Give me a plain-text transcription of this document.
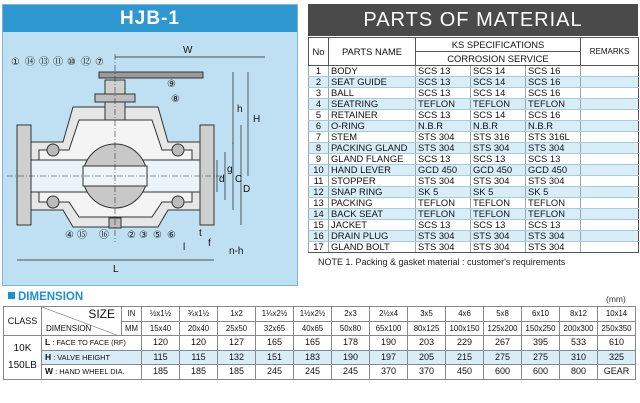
HJB-1
W
H
h
L
l
t
f
D
C
g
d
n-h
① ⑭ ⑬ ⑪ ⑩ ⑫ ⑦
⑨
⑧
④ ⑮ ⑯ ② ③ ⑤ ⑥
PARTS OF MATERIAL
No	PARTS NAME	KS SPECIFICATIONS			REMARKS
		CORROSION SERVICE			
1	BODY	SCS 13	SCS 14	SCS 16	
2	SEAT GUIDE	SCS 13	SCS 14	SCS 16	
3	BALL	SCS 13	SCS 14	SCS 16	
4	SEATRING	TEFLON	TEFLON	TEFLON	
5	RETAINER	SCS 13	SCS 14	SCS 16	
6	O-RING	N.B.R	N.B.R	N.B.R	
7	STEM	STS 304	STS 316	STS 316L	
8	PACKING GLAND	STS 304	STS 304	STS 304	
9	GLAND FLANGE	SCS 13	SCS 13	SCS 13	
10	HAND LEVER	GCD 450	GCD 450	GCD 450	
11	STOPPER	STS 304	STS 304	STS 304	
12	SNAP RING	SK 5	SK 5	SK 5	
13	PACKING	TEFLON	TEFLON	TEFLON	
14	BACK SEAT	TEFLON	TEFLON	TEFLON	
15	JACKET	SCS 13	SCS 13	SCS 13	
16	DRAIN PLUG	STS 304	STS 304	STS 304	
17	GLAND BOLT	STS 304	STS 304	STS 304	
NOTE 1. Packing & gasket material : customer's requirements
DIMENSION	(mm)
CLASS	SIZE
DIMENSION	IN	½x1½	¾x1½	1x2	1¼x2½	1½x2½	2x3	2½x4	3x5	4x6	5x8	6x10	8x12	10x14
		MM	15x40	20x40	25x50	32x65	40x65	50x80	65x100	80x125	100x150	125x200	150x250	200x300	250x350
10K
150LB	L : FACE TO FACE (RF)		120	120	127	165	165	178	190	203	229	267	395	533	610
	H : VALVE HEIGHT		115	115	132	151	183	190	197	205	215	275	275	310	325
	W : HAND WHEEL DIA.		185	185	185	245	245	245	370	370	450	600	600	800	GEAR
